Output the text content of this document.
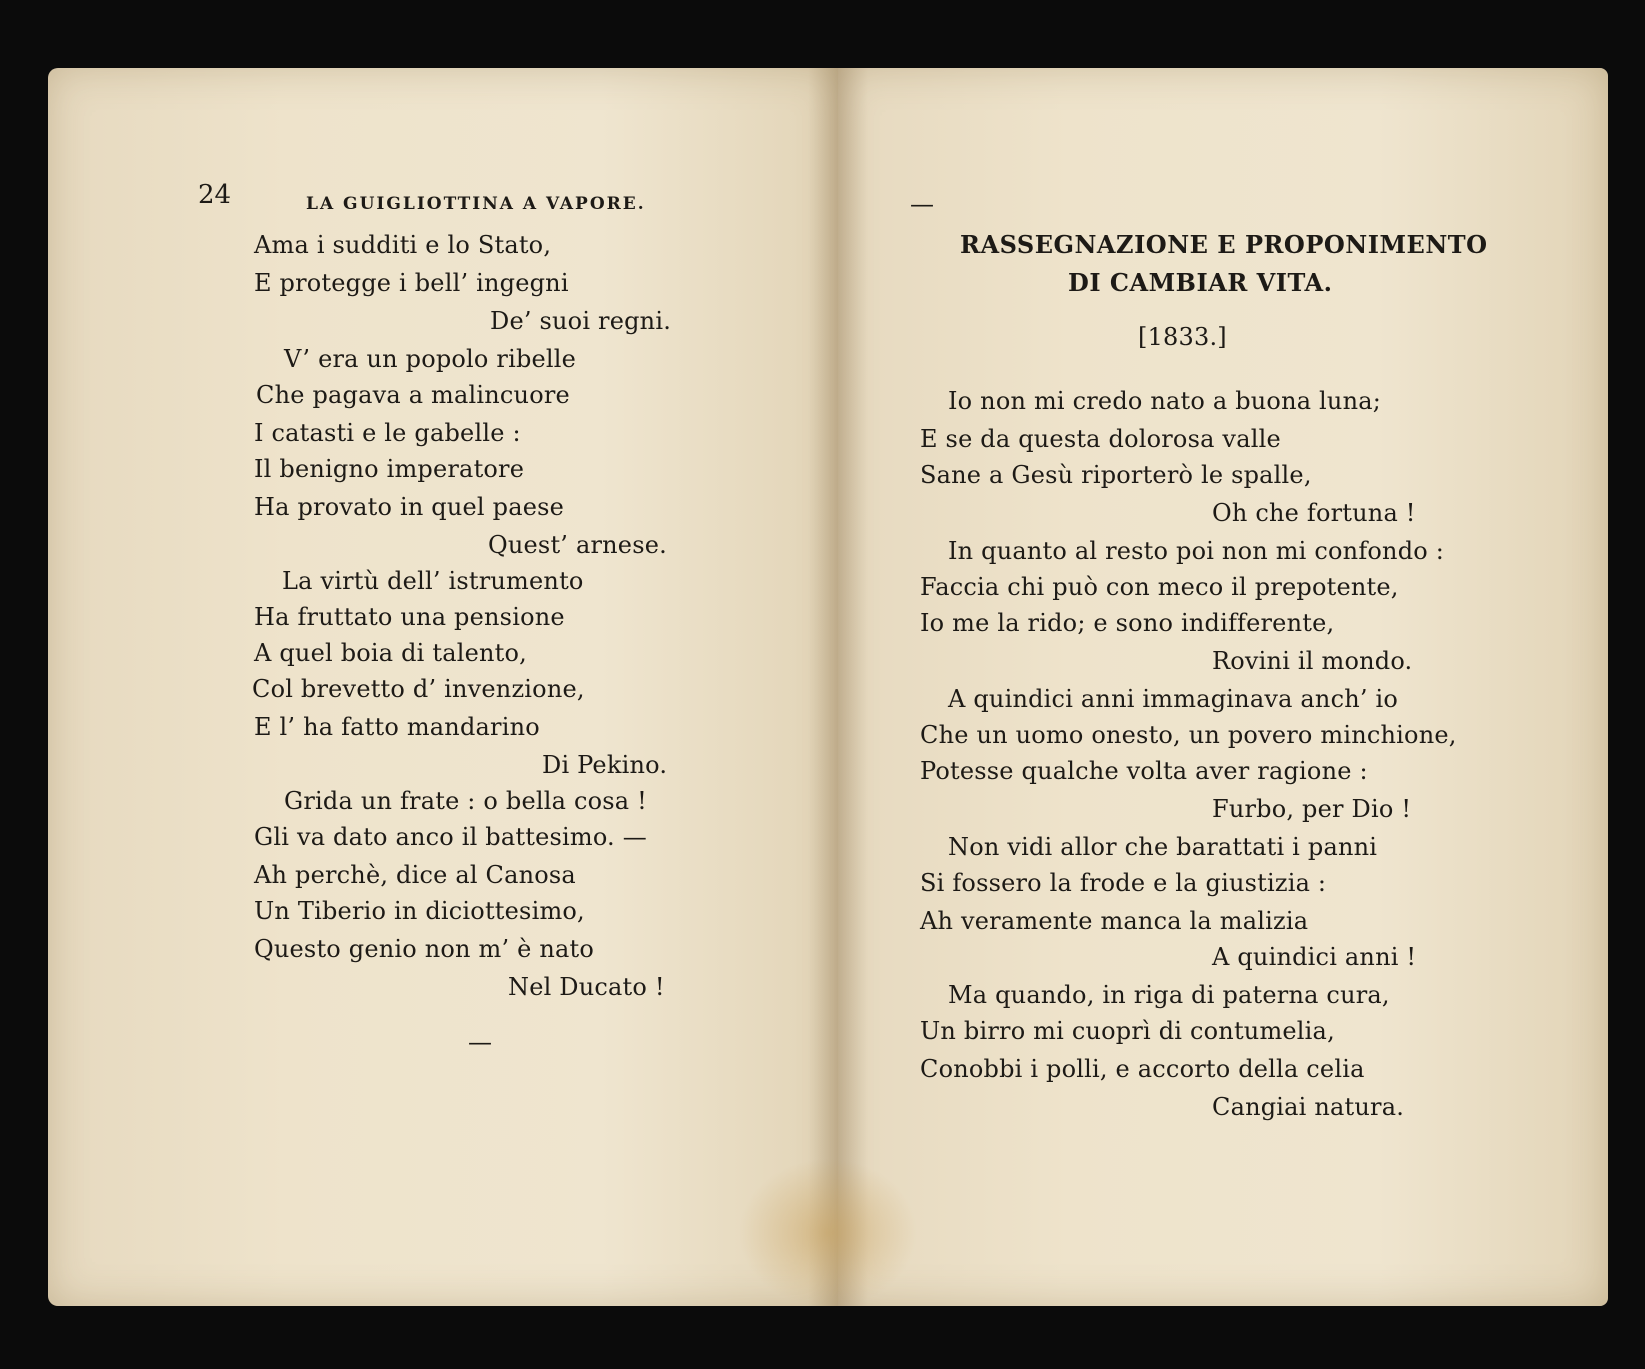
24	LA GUIGLIOTTINA A VAPORE.
Ama i sudditi e lo Stato,
E protegge i bell’ ingegni
De’ suoi regni.
V’ era un popolo ribelle
Che pagava a malincuore
I catasti e le gabelle :
Il benigno imperatore
Ha provato in quel paese
Quest’ arnese.
La virtù dell’ istrumento
Ha fruttato una pensione
A quel boia di talento,
Col brevetto d’ invenzione,
E l’ ha fatto mandarino
Di Pekino.
Grida un frate : o bella cosa !
Gli va dato anco il battesimo. —
Ah perchè, dice al Canosa
Un Tiberio in diciottesimo,
Questo genio non m’ è nato
Nel Ducato !
—
—
RASSEGNAZIONE E PROPONIMENTO
DI CAMBIAR VITA.
[1833.]
Io non mi credo nato a buona luna;
E se da questa dolorosa valle
Sane a Gesù riporterò le spalle,
Oh che fortuna !
In quanto al resto poi non mi confondo :
Faccia chi può con meco il prepotente,
Io me la rido; e sono indifferente,
Rovini il mondo.
A quindici anni immaginava anch’ io
Che un uomo onesto, un povero minchione,
Potesse qualche volta aver ragione :
Furbo, per Dio !
Non vidi allor che barattati i panni
Si fossero la frode e la giustizia :
Ah veramente manca la malizia
A quindici anni !
Ma quando, in riga di paterna cura,
Un birro mi cuoprì di contumelia,
Conobbi i polli, e accorto della celia
Cangiai natura.
